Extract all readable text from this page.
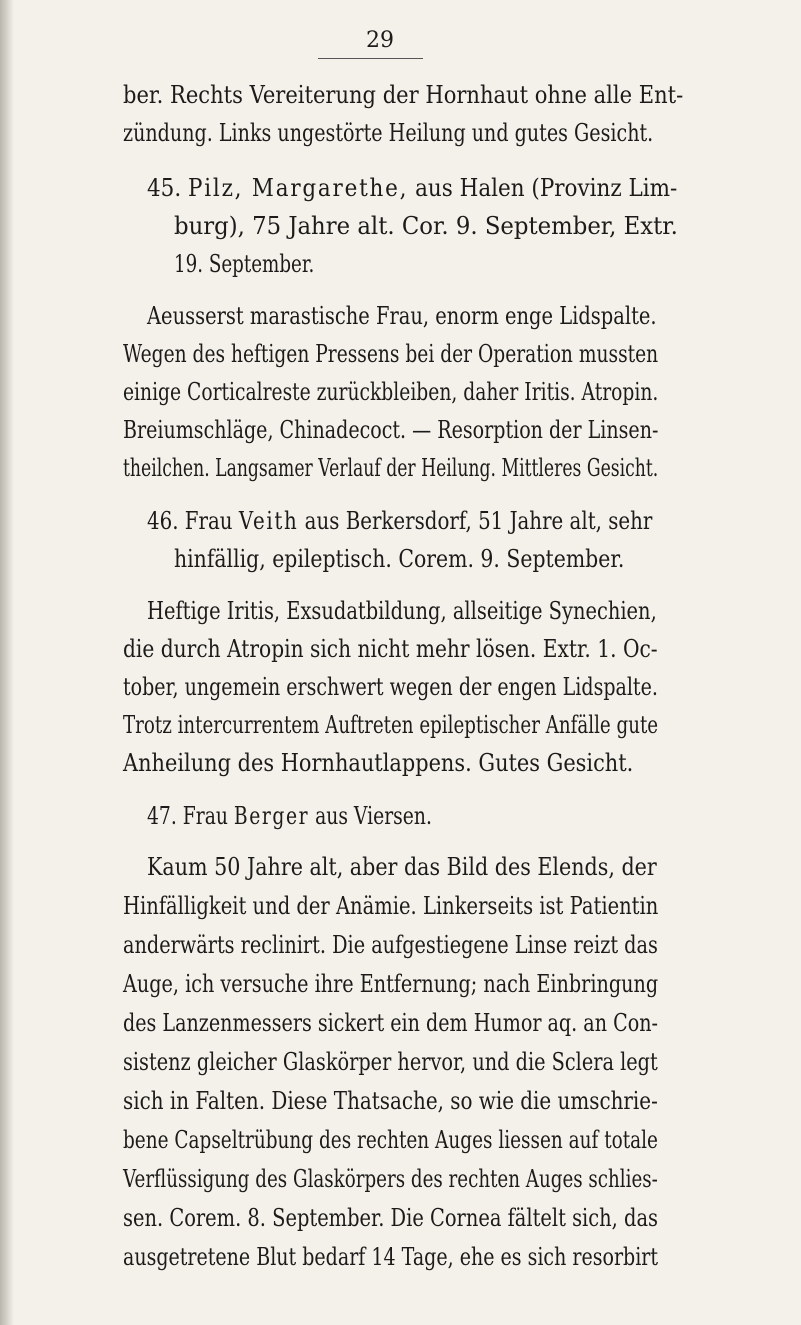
29
ber. Rechts Vereiterung der Hornhaut ohne alle Ent-
zündung. Links ungestörte Heilung und gutes Gesicht.
45. Pilz, Margarethe, aus Halen (Provinz Lim-
burg), 75 Jahre alt. Cor. 9. September, Extr.
19. September.
Aeusserst marastische Frau, enorm enge Lidspalte.
Wegen des heftigen Pressens bei der Operation mussten
einige Corticalreste zurückbleiben, daher Iritis. Atropin.
Breiumschläge, Chinadecoct. — Resorption der Linsen-
theilchen. Langsamer Verlauf der Heilung. Mittleres Gesicht.
46. Frau Veith aus Berkersdorf, 51 Jahre alt, sehr
hinfällig, epileptisch. Corem. 9. September.
Heftige Iritis, Exsudatbildung, allseitige Synechien,
die durch Atropin sich nicht mehr lösen. Extr. 1. Oc-
tober, ungemein erschwert wegen der engen Lidspalte.
Trotz intercurrentem Auftreten epileptischer Anfälle gute
Anheilung des Hornhautlappens. Gutes Gesicht.
47. Frau Berger aus Viersen.
Kaum 50 Jahre alt, aber das Bild des Elends, der
Hinfälligkeit und der Anämie. Linkerseits ist Patientin
anderwärts reclinirt. Die aufgestiegene Linse reizt das
Auge, ich versuche ihre Entfernung; nach Einbringung
des Lanzenmessers sickert ein dem Humor aq. an Con-
sistenz gleicher Glaskörper hervor, und die Sclera legt
sich in Falten. Diese Thatsache, so wie die umschrie-
bene Capseltrübung des rechten Auges liessen auf totale
Verflüssigung des Glaskörpers des rechten Auges schlies-
sen. Corem. 8. September. Die Cornea fältelt sich, das
ausgetretene Blut bedarf 14 Tage, ehe es sich resorbirt
